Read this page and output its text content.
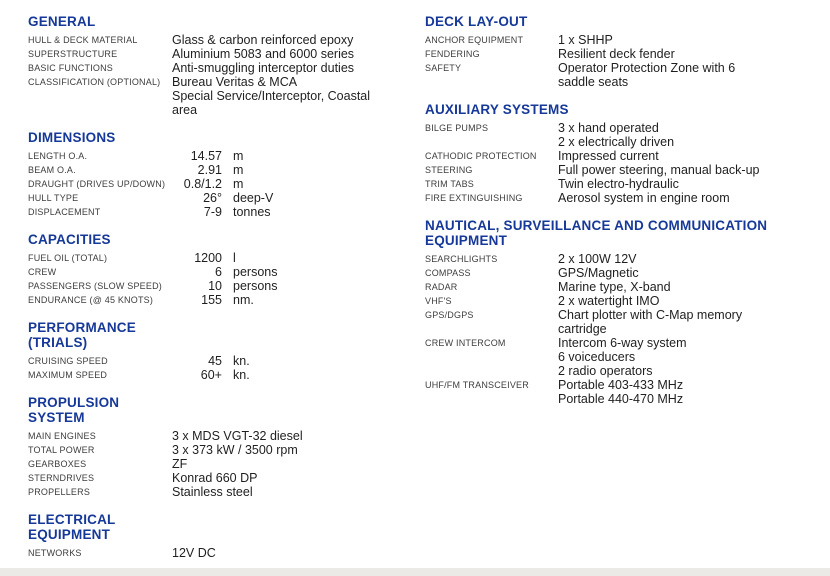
GENERAL
HULL & DECK MATERIAL	Glass & carbon reinforced epoxy
SUPERSTRUCTURE	Aluminium 5083 and 6000 series
BASIC FUNCTIONS	Anti-smuggling interceptor duties
CLASSIFICATION (OPTIONAL) Bureau Veritas & MCA
Special Service/Interceptor, Coastal
area
DIMENSIONS
LENGTH O.A.	14.57 m
BEAM O.A.	2.91 m
DRAUGHT (DRIVES UP/DOWN)	0.8/1.2 m
HULL TYPE	26° deep-V
DISPLACEMENT	7-9 tonnes
CAPACITIES
FUEL OIL (TOTAL)	1200 l
CREW	6 persons
PASSENGERS (SLOW SPEED)	10 persons
ENDURANCE (@ 45 KNOTS)	155 nm.
PERFORMANCE
(TRIALS)
CRUISING SPEED	45 kn.
MAXIMUM SPEED	60+ kn.
PROPULSION
SYSTEM
MAIN ENGINES	3 x MDS VGT-32 diesel
TOTAL POWER	3 x 373 kW / 3500 rpm
GEARBOXES	ZF
STERNDRIVES	Konrad 660 DP
PROPELLERS	Stainless steel
ELECTRICAL
EQUIPMENT
NETWORKS	12V DC
DECK LAY-OUT
ANCHOR EQUIPMENT	1 x SHHP
FENDERING	Resilient deck fender
SAFETY	Operator Protection Zone with 6
saddle seats
AUXILIARY SYSTEMS
BILGE PUMPS	3 x hand operated
2 x electrically driven
CATHODIC PROTECTION	Impressed current
STEERING	Full power steering, manual back-up
TRIM TABS	Twin electro-hydraulic
FIRE EXTINGUISHING	Aerosol system in engine room
NAUTICAL, SURVEILLANCE AND COMMUNICATION
EQUIPMENT
SEARCHLIGHTS	2 x 100W 12V
COMPASS	GPS/Magnetic
RADAR	Marine type, X-band
VHF'S	2 x watertight IMO
GPS/DGPS	Chart plotter with C-Map memory
cartridge
CREW INTERCOM	Intercom 6-way system
6 voiceducers
2 radio operators
UHF/FM TRANSCEIVER	Portable 403-433 MHz
Portable 440-470 MHz
